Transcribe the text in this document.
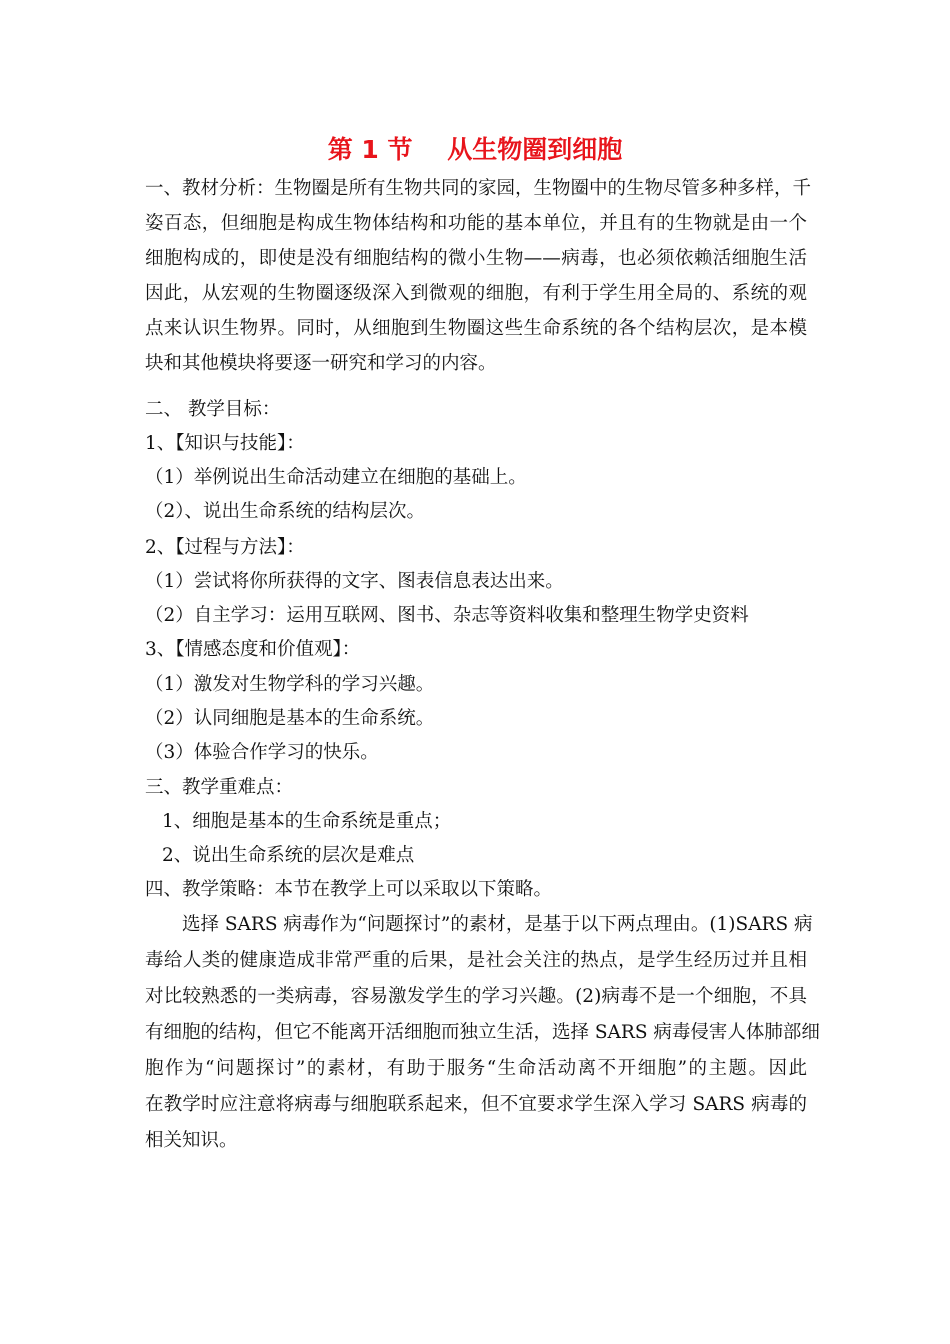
第 1 节    从生物圈到细胞
一、教材分析：生物圈是所有生物共同的家园，生物圈中的生物尽管多种多样，千
姿百态，但细胞是构成生物体结构和功能的基本单位，并且有的生物就是由一个
细胞构成的，即使是没有细胞结构的微小生物——病毒，也必须依赖活细胞生活
因此，从宏观的生物圈逐级深入到微观的细胞，有利于学生用全局的、系统的观
点来认识生物界。同时，从细胞到生物圈这些生命系统的各个结构层次，是本模
块和其他模块将要逐一研究和学习的内容。
二、 教学目标：
1、【知识与技能】：
（1）举例说出生命活动建立在细胞的基础上。
（2）、说出生命系统的结构层次。
2、【过程与方法】：
（1）尝试将你所获得的文字、图表信息表达出来。
（2）自主学习：运用互联网、图书、杂志等资料收集和整理生物学史资料
3、【情感态度和价值观】：
（1）激发对生物学科的学习兴趣。
（2）认同细胞是基本的生命系统。
（3）体验合作学习的快乐。
三、教学重难点：
1、细胞是基本的生命系统是重点；
2、说出生命系统的层次是难点
四、教学策略：本节在教学上可以采取以下策略。
选择 SARS 病毒作为“问题探讨”的素材，是基于以下两点理由。(1)SARS 病
毒给人类的健康造成非常严重的后果，是社会关注的热点，是学生经历过并且相
对比较熟悉的一类病毒，容易激发学生的学习兴趣。(2)病毒不是一个细胞，不具
有细胞的结构，但它不能离开活细胞而独立生活，选择 SARS 病毒侵害人体肺部细
胞作为“问题探讨”的素材，有助于服务“生命活动离不开细胞”的主题。因此
在教学时应注意将病毒与细胞联系起来，但不宜要求学生深入学习 SARS 病毒的
相关知识。
